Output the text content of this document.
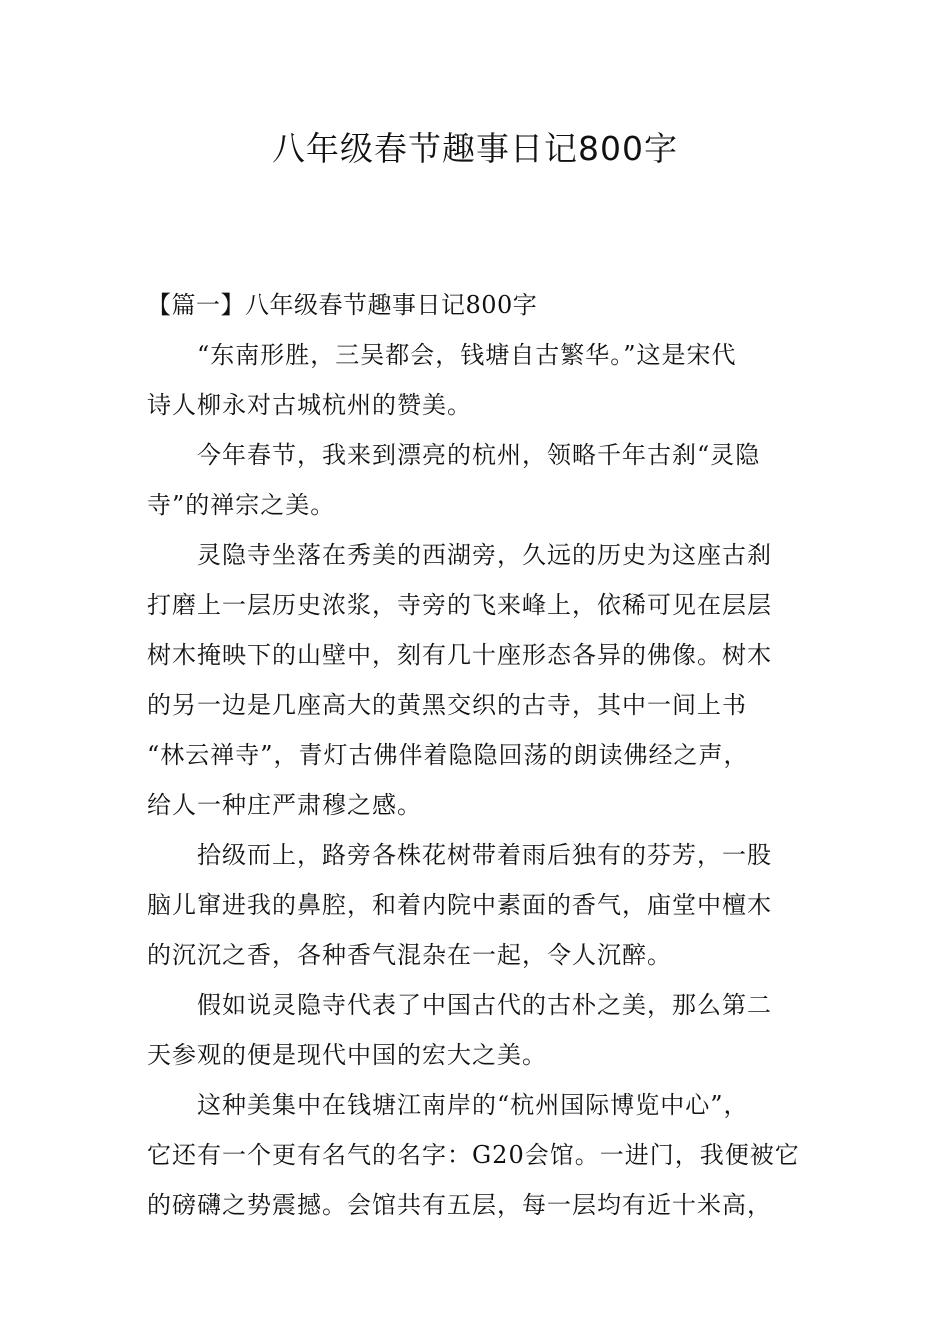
八年级春节趣事日记800字
【篇一】八年级春节趣事日记800字
“东南形胜，三吴都会，钱塘自古繁华。”这是宋代
诗人柳永对古城杭州的赞美。
今年春节，我来到漂亮的杭州，领略千年古刹“灵隐
寺”的禅宗之美。
灵隐寺坐落在秀美的西湖旁，久远的历史为这座古刹
打磨上一层历史浓浆，寺旁的飞来峰上，依稀可见在层层
树木掩映下的山壁中，刻有几十座形态各异的佛像。树木
的另一边是几座高大的黄黑交织的古寺，其中一间上书
“林云禅寺”，青灯古佛伴着隐隐回荡的朗读佛经之声，
给人一种庄严肃穆之感。
拾级而上，路旁各株花树带着雨后独有的芬芳，一股
脑儿窜进我的鼻腔，和着内院中素面的香气，庙堂中檀木
的沉沉之香，各种香气混杂在一起，令人沉醉。
假如说灵隐寺代表了中国古代的古朴之美，那么第二
天参观的便是现代中国的宏大之美。
这种美集中在钱塘江南岸的“杭州国际博览中心”，
它还有一个更有名气的名字：G20会馆。一进门，我便被它
的磅礴之势震撼。会馆共有五层，每一层均有近十米高，
